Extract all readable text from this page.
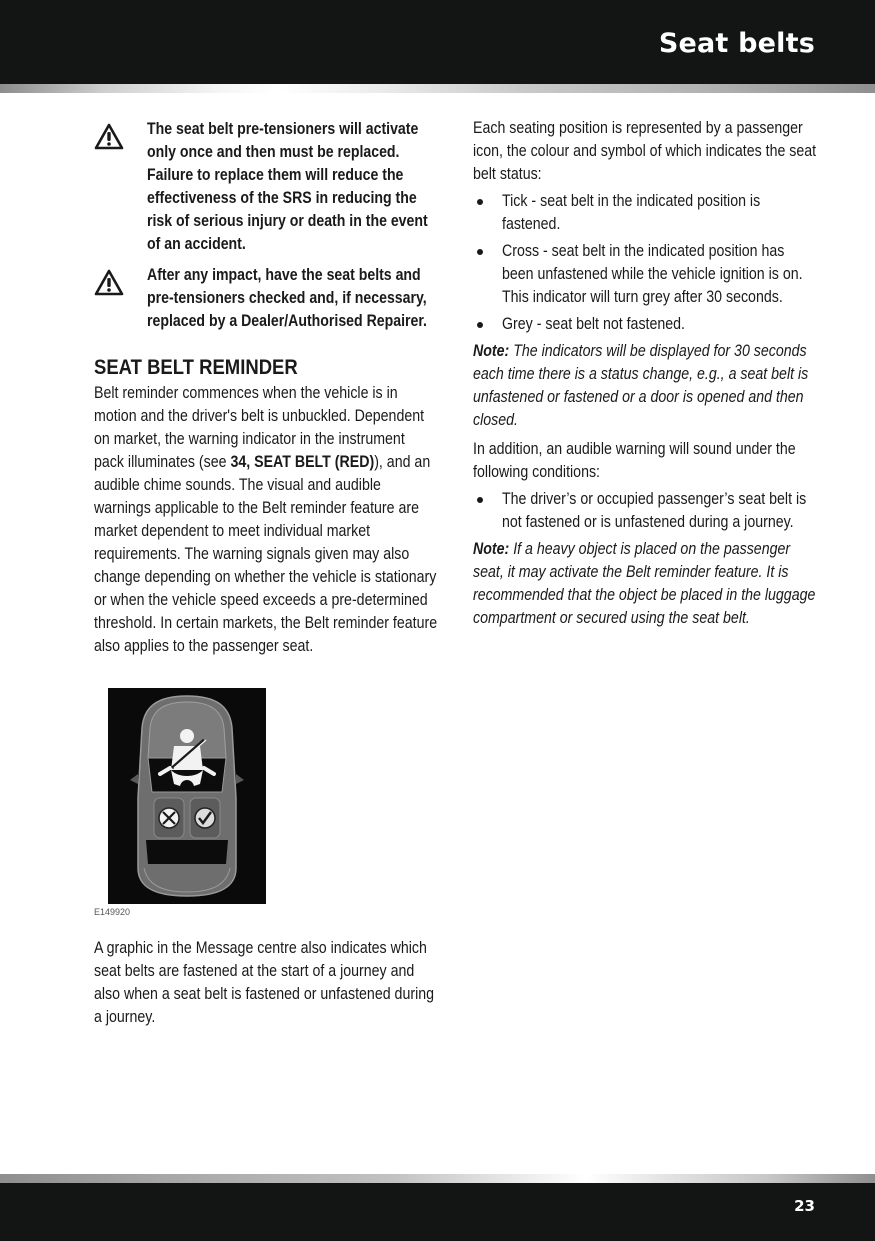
Seat belts
The seat belt pre-tensioners will activate only once and then must be replaced. Failure to replace them will reduce the effectiveness of the SRS in reducing the risk of serious injury or death in the event of an accident.
After any impact, have the seat belts and pre-tensioners checked and, if necessary, replaced by a Dealer/Authorised Repairer.
SEAT BELT REMINDER
Belt reminder commences when the vehicle is in motion and the driver's belt is unbuckled. Dependent on market, the warning indicator in the instrument pack illuminates (see 34, SEAT BELT (RED)), and an audible chime sounds. The visual and audible warnings applicable to the Belt reminder feature are market dependent to meet individual market requirements. The warning signals given may also change depending on whether the vehicle is stationary or when the vehicle speed exceeds a pre-determined threshold. In certain markets, the Belt reminder feature also applies to the passenger seat.
E149920
A graphic in the Message centre also indicates which seat belts are fastened at the start of a journey and also when a seat belt is fastened or unfastened during a journey.
Each seating position is represented by a passenger icon, the colour and symbol of which indicates the seat belt status:
Tick - seat belt in the indicated position is fastened.
Cross - seat belt in the indicated position has been unfastened while the vehicle ignition is on. This indicator will turn grey after 30 seconds.
Grey - seat belt not fastened.
Note: The indicators will be displayed for 30 seconds each time there is a status change, e.g., a seat belt is unfastened or fastened or a door is opened and then closed.
In addition, an audible warning will sound under the following conditions:
The driver’s or occupied passenger’s seat belt is not fastened or is unfastened during a journey.
Note: If a heavy object is placed on the passenger seat, it may activate the Belt reminder feature. It is recommended that the object be placed in the luggage compartment or secured using the seat belt.
23
